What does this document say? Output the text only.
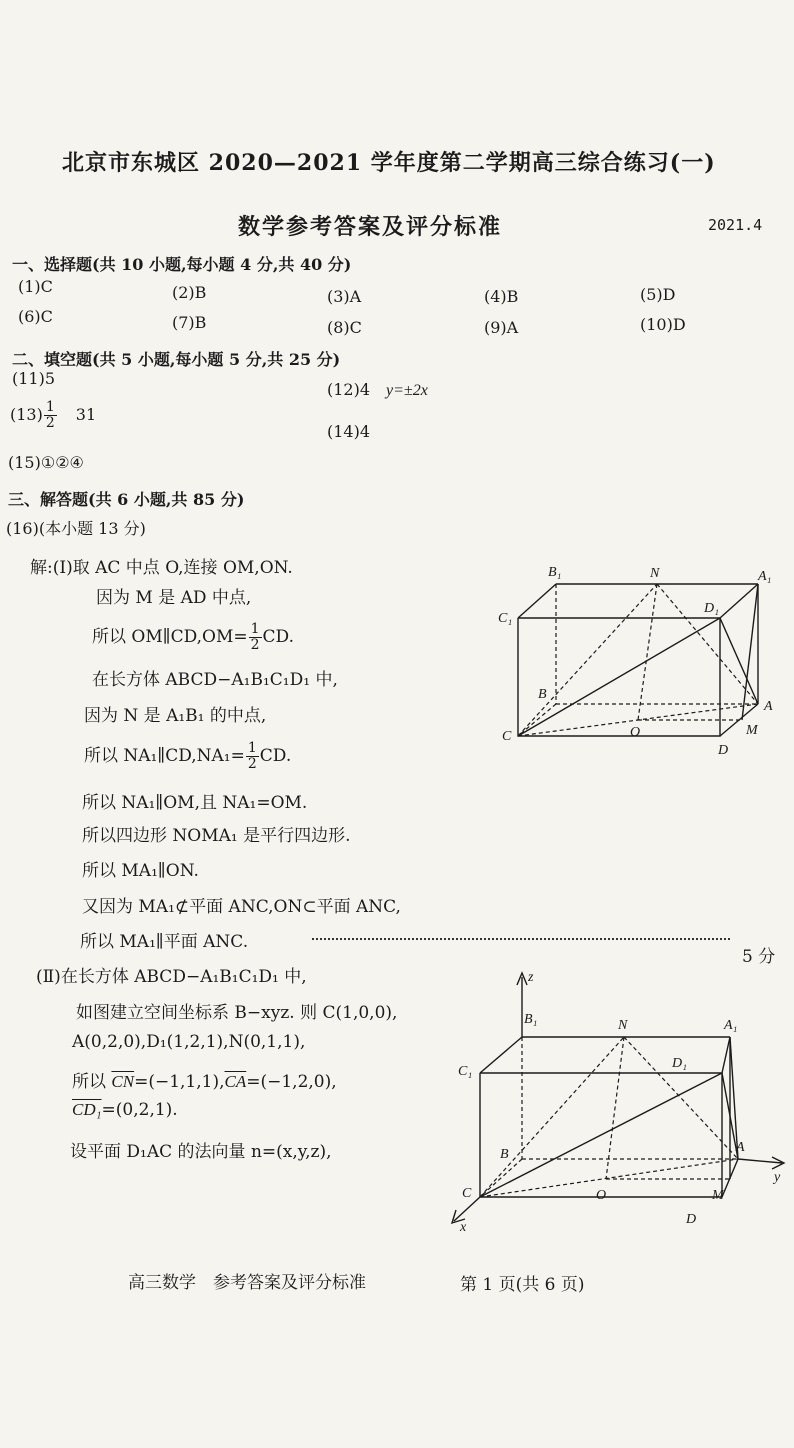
北京市东城区 2020—2021 学年度第二学期高三综合练习(一)
数学参考答案及评分标准	2021.4
一、选择题(共 10 小题,每小题 4 分,共 40 分)
(1)C	(2)B	(3)A	(4)B	(5)D
(6)C	(7)B	(8)C	(9)A	(10)D
二、填空题(共 5 小题,每小题 5 分,共 25 分)
(11)5
(12)4 y=±2x
$(13) \frac{1}{2} 31$
(14)4
(15)①②④
三、解答题(共 6 小题,共 85 分)
(16)(本小题 13 分)
解:(Ⅰ)取 AC 中点 O,连接 OM,ON.
因为 M 是 AD 中点,
所以 OM∥CD,OM= $\frac{1}{2}$ CD.
在长方体 ABCD−A₁B₁C₁D₁ 中,
因为 N 是 A₁B₁ 的中点,
所以 NA₁∥CD,NA₁= $\frac{1}{2}$ CD.
所以 NA₁∥OM,且 NA₁=OM.
所以四边形 NOMA₁ 是平行四边形.
所以 MA₁∥ON.
又因为 MA₁⊄平面 ANC,ON⊂平面 ANC,
所以 MA₁∥平面 ANC.
5 分
(Ⅱ)在长方体 ABCD−A₁B₁C₁D₁ 中,
如图建立空间坐标系 B−xyz. 则 C(1,0,0),
A(0,2,0),D₁(1,2,1),N(0,1,1),
所以 $\overline{CN}=(-1,1,1),\overline{CA}=(-1,2,0)$,
CD₁=(0,2,1).
设平面 D₁AC 的法向量 n=(x,y,z),
B₁	N	A₁
C₁
D₁
B
A
C	O	M
D
z
B₁	N	A₁
C₁
D₁
B	A
y
C	O	M
D
x
高三数学　参考答案及评分标准	第 1 页(共 6 页)
